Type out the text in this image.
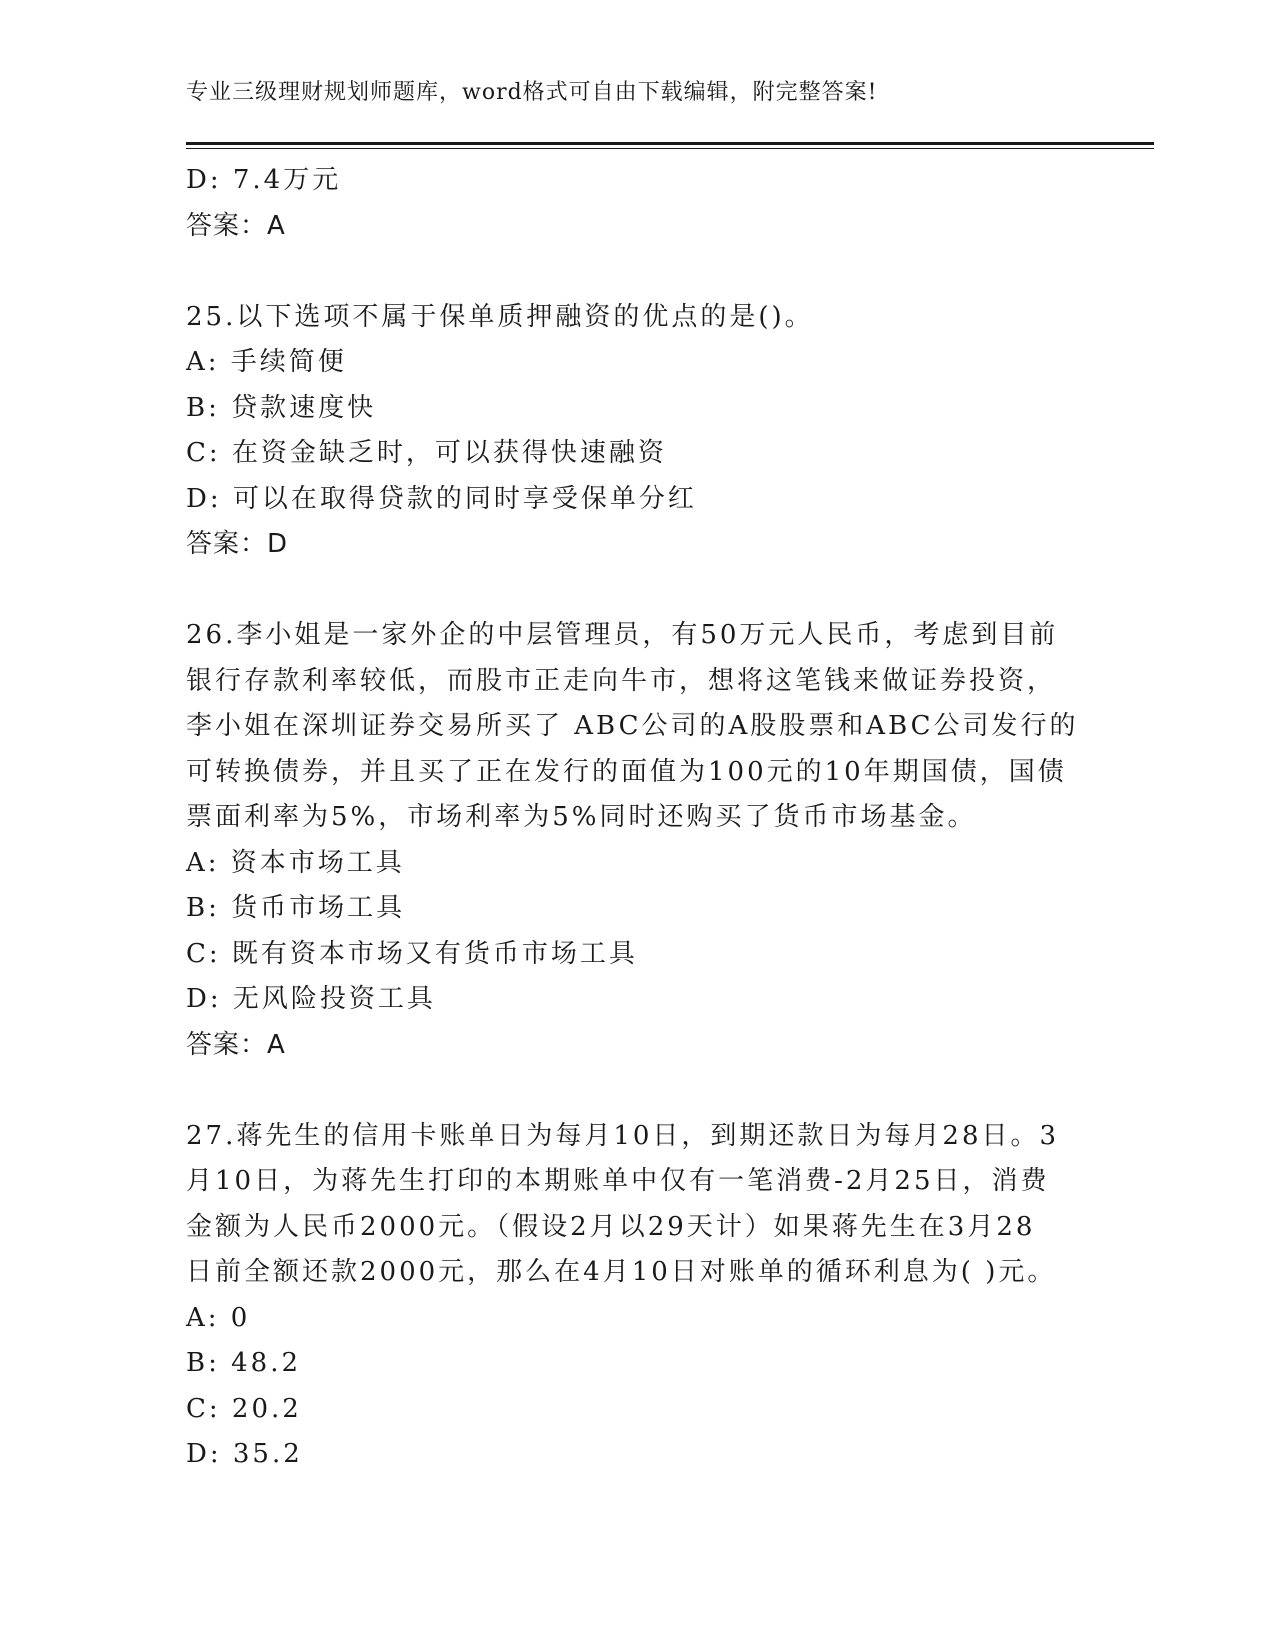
专业三级理财规划师题库，word格式可自由下载编辑，附完整答案!
D: 7.4万元
答案：A
25.以下选项不属于保单质押融资的优点的是()。
A: 手续简便
B: 贷款速度快
C: 在资金缺乏时，可以获得快速融资
D: 可以在取得贷款的同时享受保单分红
答案：D
26.李小姐是一家外企的中层管理员，有50万元人民币，考虑到目前
银行存款利率较低，而股市正走向牛市，想将这笔钱来做证券投资，
李小姐在深圳证券交易所买了 ABC公司的A股股票和ABC公司发行的
可转换债券，并且买了正在发行的面值为100元的10年期国债，国债
票面利率为5%，市场利率为5%同时还购买了货币市场基金。
A: 资本市场工具
B: 货币市场工具
C: 既有资本市场又有货币市场工具
D: 无风险投资工具
答案：A
27.蒋先生的信用卡账单日为每月10日，到期还款日为每月28日。3
月10日，为蒋先生打印的本期账单中仅有一笔消费-2月25日，消费
金额为人民币2000元。（假设2月以29天计）如果蒋先生在3月28
日前全额还款2000元，那么在4月10日对账单的循环利息为( )元。
A: 0
B: 48.2
C: 20.2
D: 35.2
